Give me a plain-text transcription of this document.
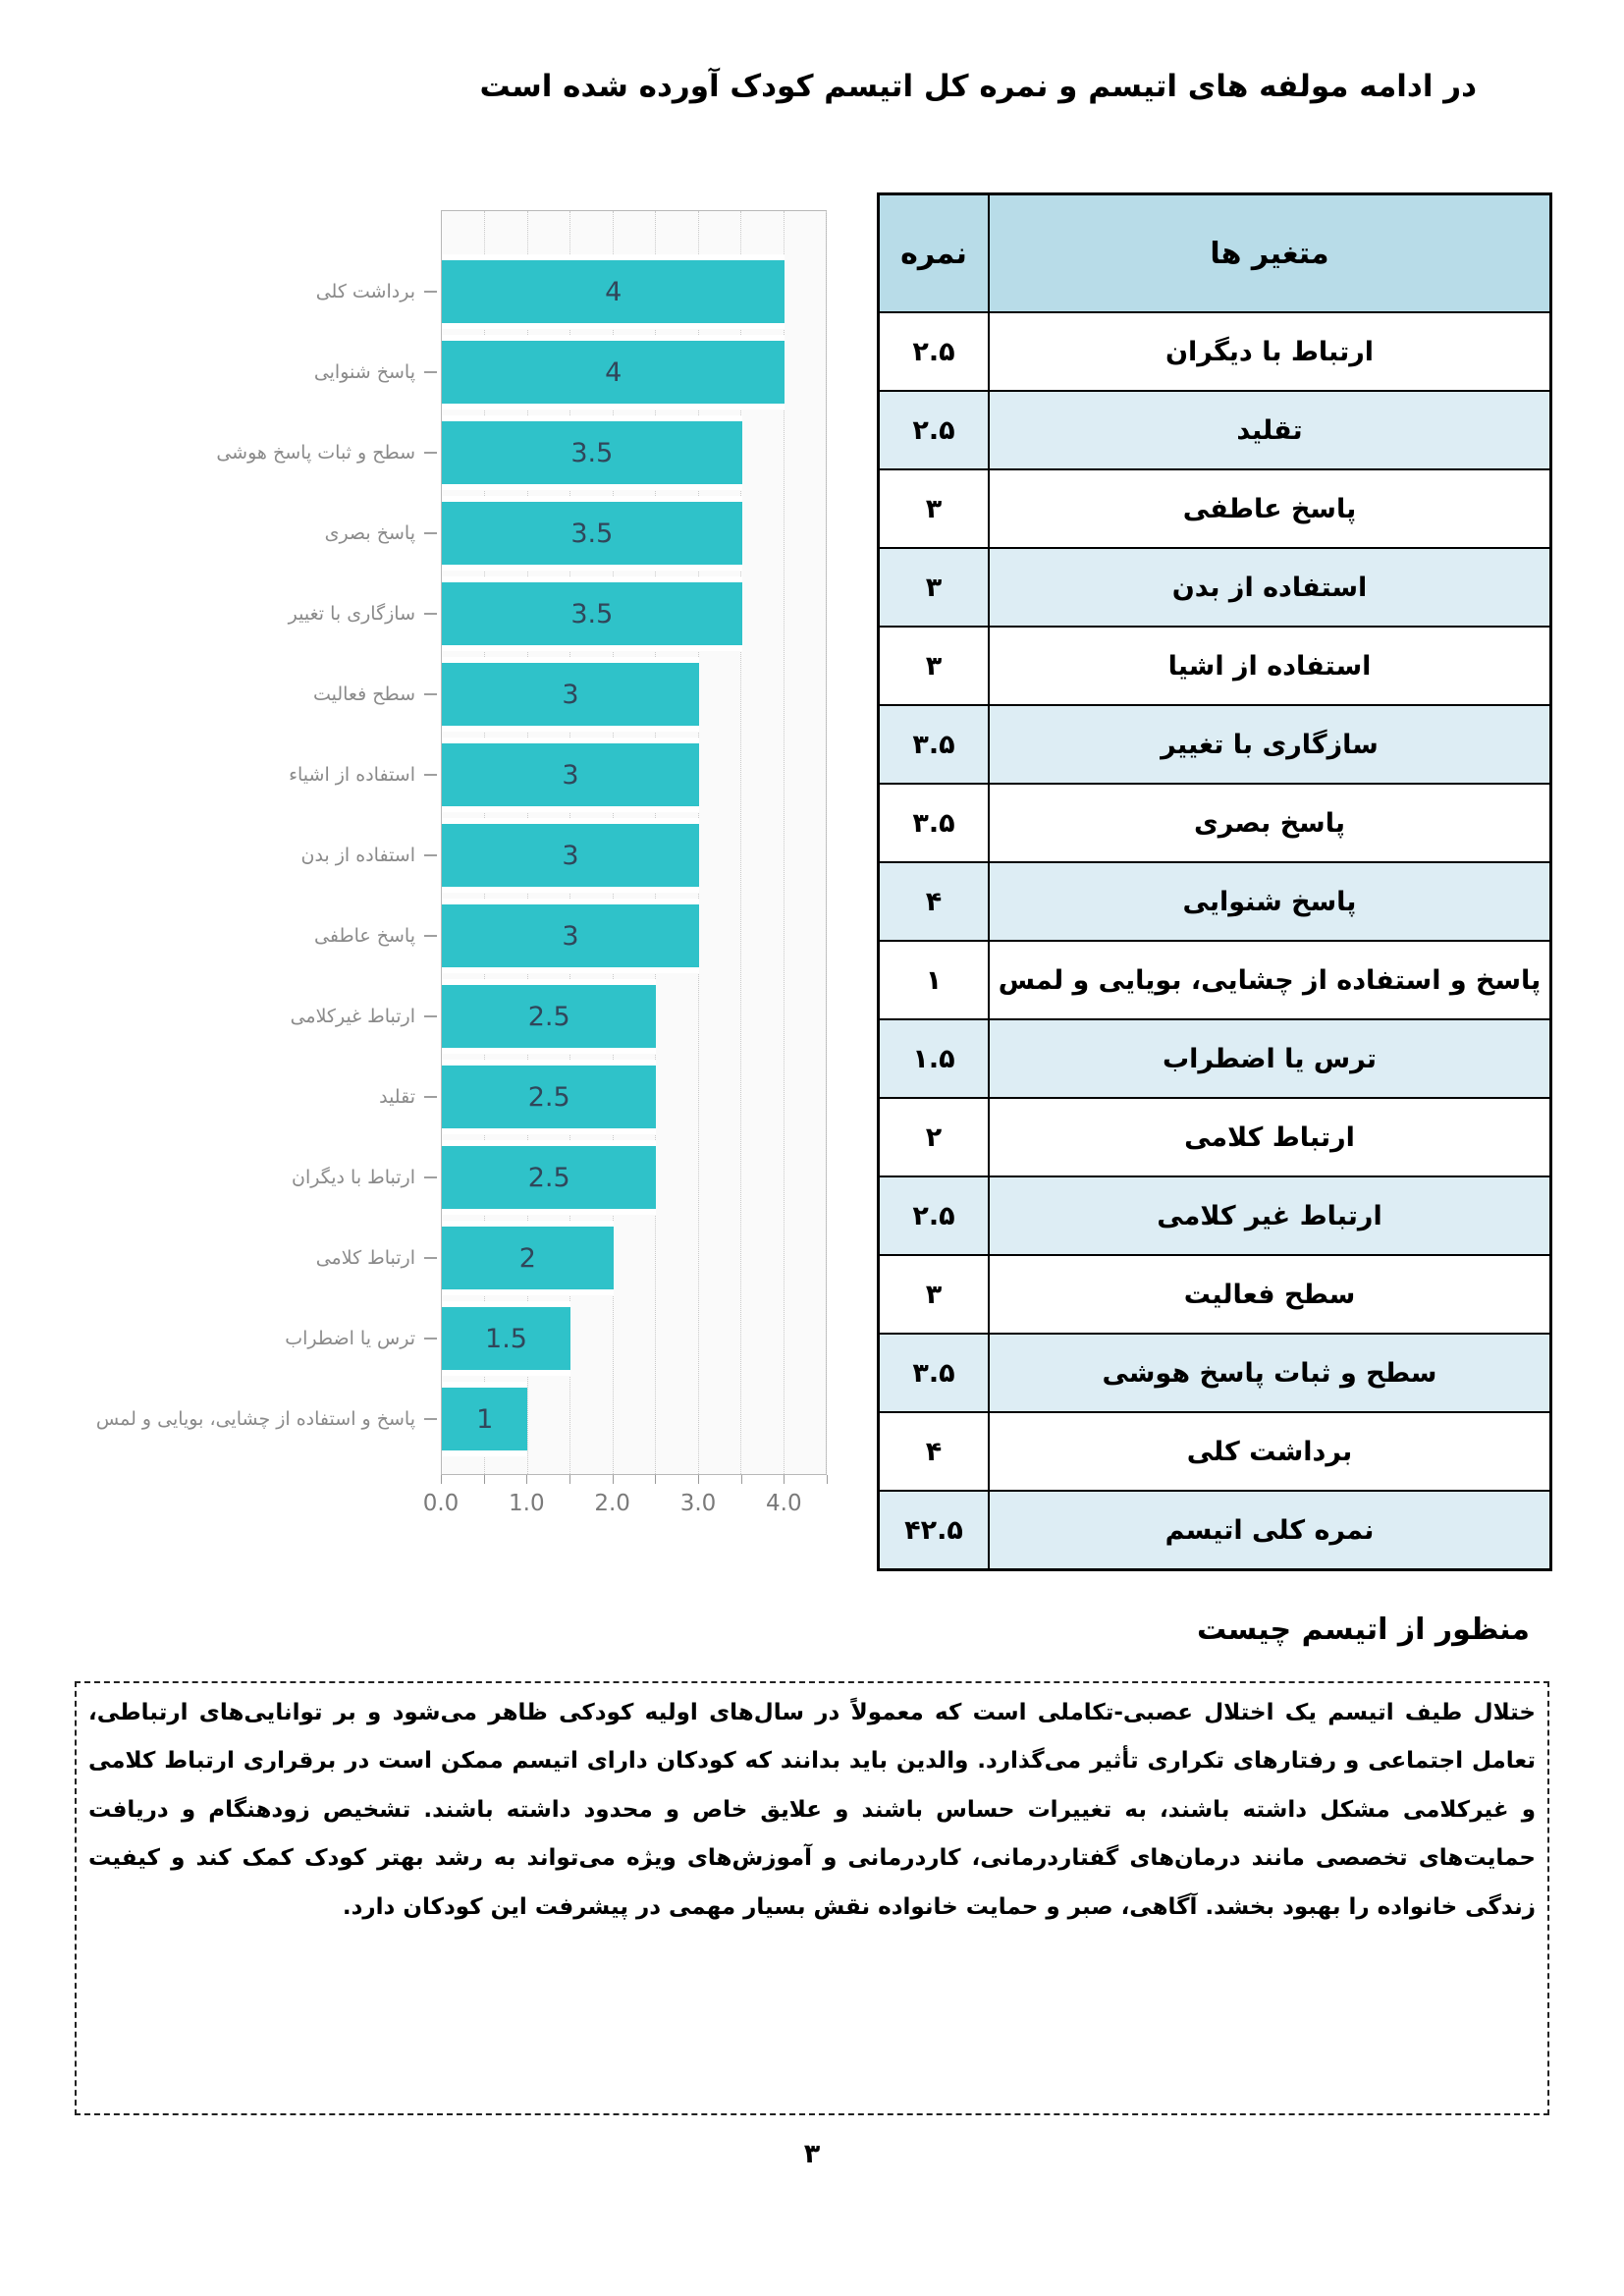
در ادامه مولفه های اتیسم و نمره کل اتیسم کودک آورده شده است
برداشت کلی
پاسخ شنوایی
سطح و ثبات پاسخ هوشی
پاسخ بصری
سازگاری با تغییر
سطح فعالیت
استفاده از اشیاء
استفاده از بدن
پاسخ عاطفی
ارتباط غیرکلامی
تقلید
ارتباط با دیگران
ارتباط کلامی
ترس یا اضطراب
پاسخ و استفاده از چشایی، بویایی و لمس
4
4
3.5
3.5
3.5
3
3
3
3
2.5
2.5
2.5
2
1.5
1
0.0 1.0 2.0 3.0 4.0
نمره	متغیر ها
۲.۵	ارتباط با دیگران
۲.۵	تقلید
۳	پاسخ عاطفی
۳	استفاده از بدن
۳	استفاده از اشیا
۳.۵	سازگاری با تغییر
۳.۵	پاسخ بصری
۴	پاسخ شنوایی
۱	پاسخ و استفاده از چشایی، بویایی و لمس
۱.۵	ترس یا اضطراب
۲	ارتباط کلامی
۲.۵	ارتباط غیر کلامی
۳	سطح فعالیت
۳.۵	سطح و ثبات پاسخ هوشی
۴	برداشت کلی
۴۲.۵	نمره کلی اتیسم
منظور از اتیسم چیست

ختلال طیف اتیسم یک اختلال عصبی-تکاملی است که معمولاً در سال‌های اولیه کودکی ظاهر می‌شود و بر توانایی‌های ارتباطی، تعامل اجتماعی و رفتارهای تکراری تأثیر می‌گذارد. والدین باید بدانند که کودکان دارای اتیسم ممکن است در برقراری ارتباط کلامی و غیرکلامی مشکل داشته باشند، به تغییرات حساس باشند و علایق خاص و محدود داشته باشند. تشخیص زودهنگام و دریافت حمایت‌های تخصصی مانند درمان‌های گفتاردرمانی، کاردرمانی و آموزش‌های ویژه می‌تواند به رشد بهتر کودک کمک کند و کیفیت زندگی خانواده را بهبود بخشد. آگاهی، صبر و حمایت خانواده نقش بسیار مهمی در پیشرفت این کودکان دارد.

۳
